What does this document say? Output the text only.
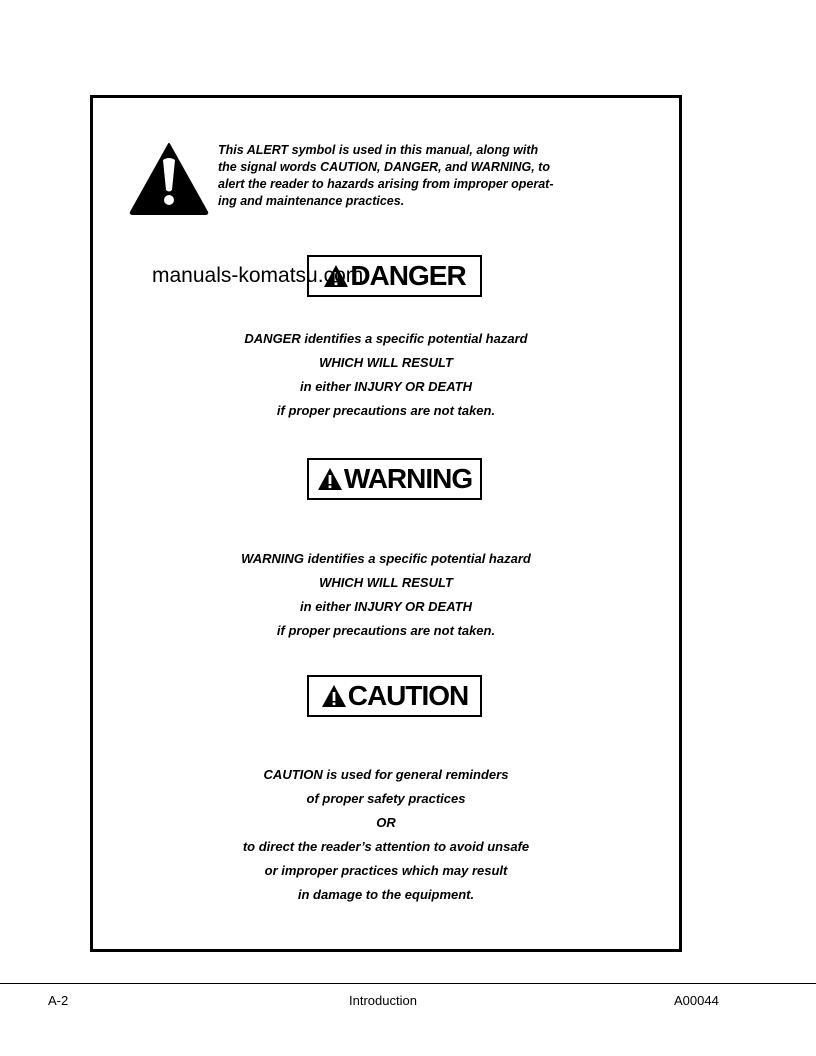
This ALERT symbol is used in this manual, along with
the signal words CAUTION, DANGER, and WARNING, to
alert the reader to hazards arising from improper operat-
ing and maintenance practices.
DANGER
DANGER identifies a specific potential hazard
WHICH WILL RESULT
in either INJURY OR DEATH
if proper precautions are not taken.
WARNING
WARNING identifies a specific potential hazard
WHICH WILL RESULT
in either INJURY OR DEATH
if proper precautions are not taken.
CAUTION
CAUTION is used for general reminders
of proper safety practices
OR
to direct the reader’s attention to avoid unsafe
or improper practices which may result
in damage to the equipment.
manuals-komatsu.com
A-2	Introduction	A00044
